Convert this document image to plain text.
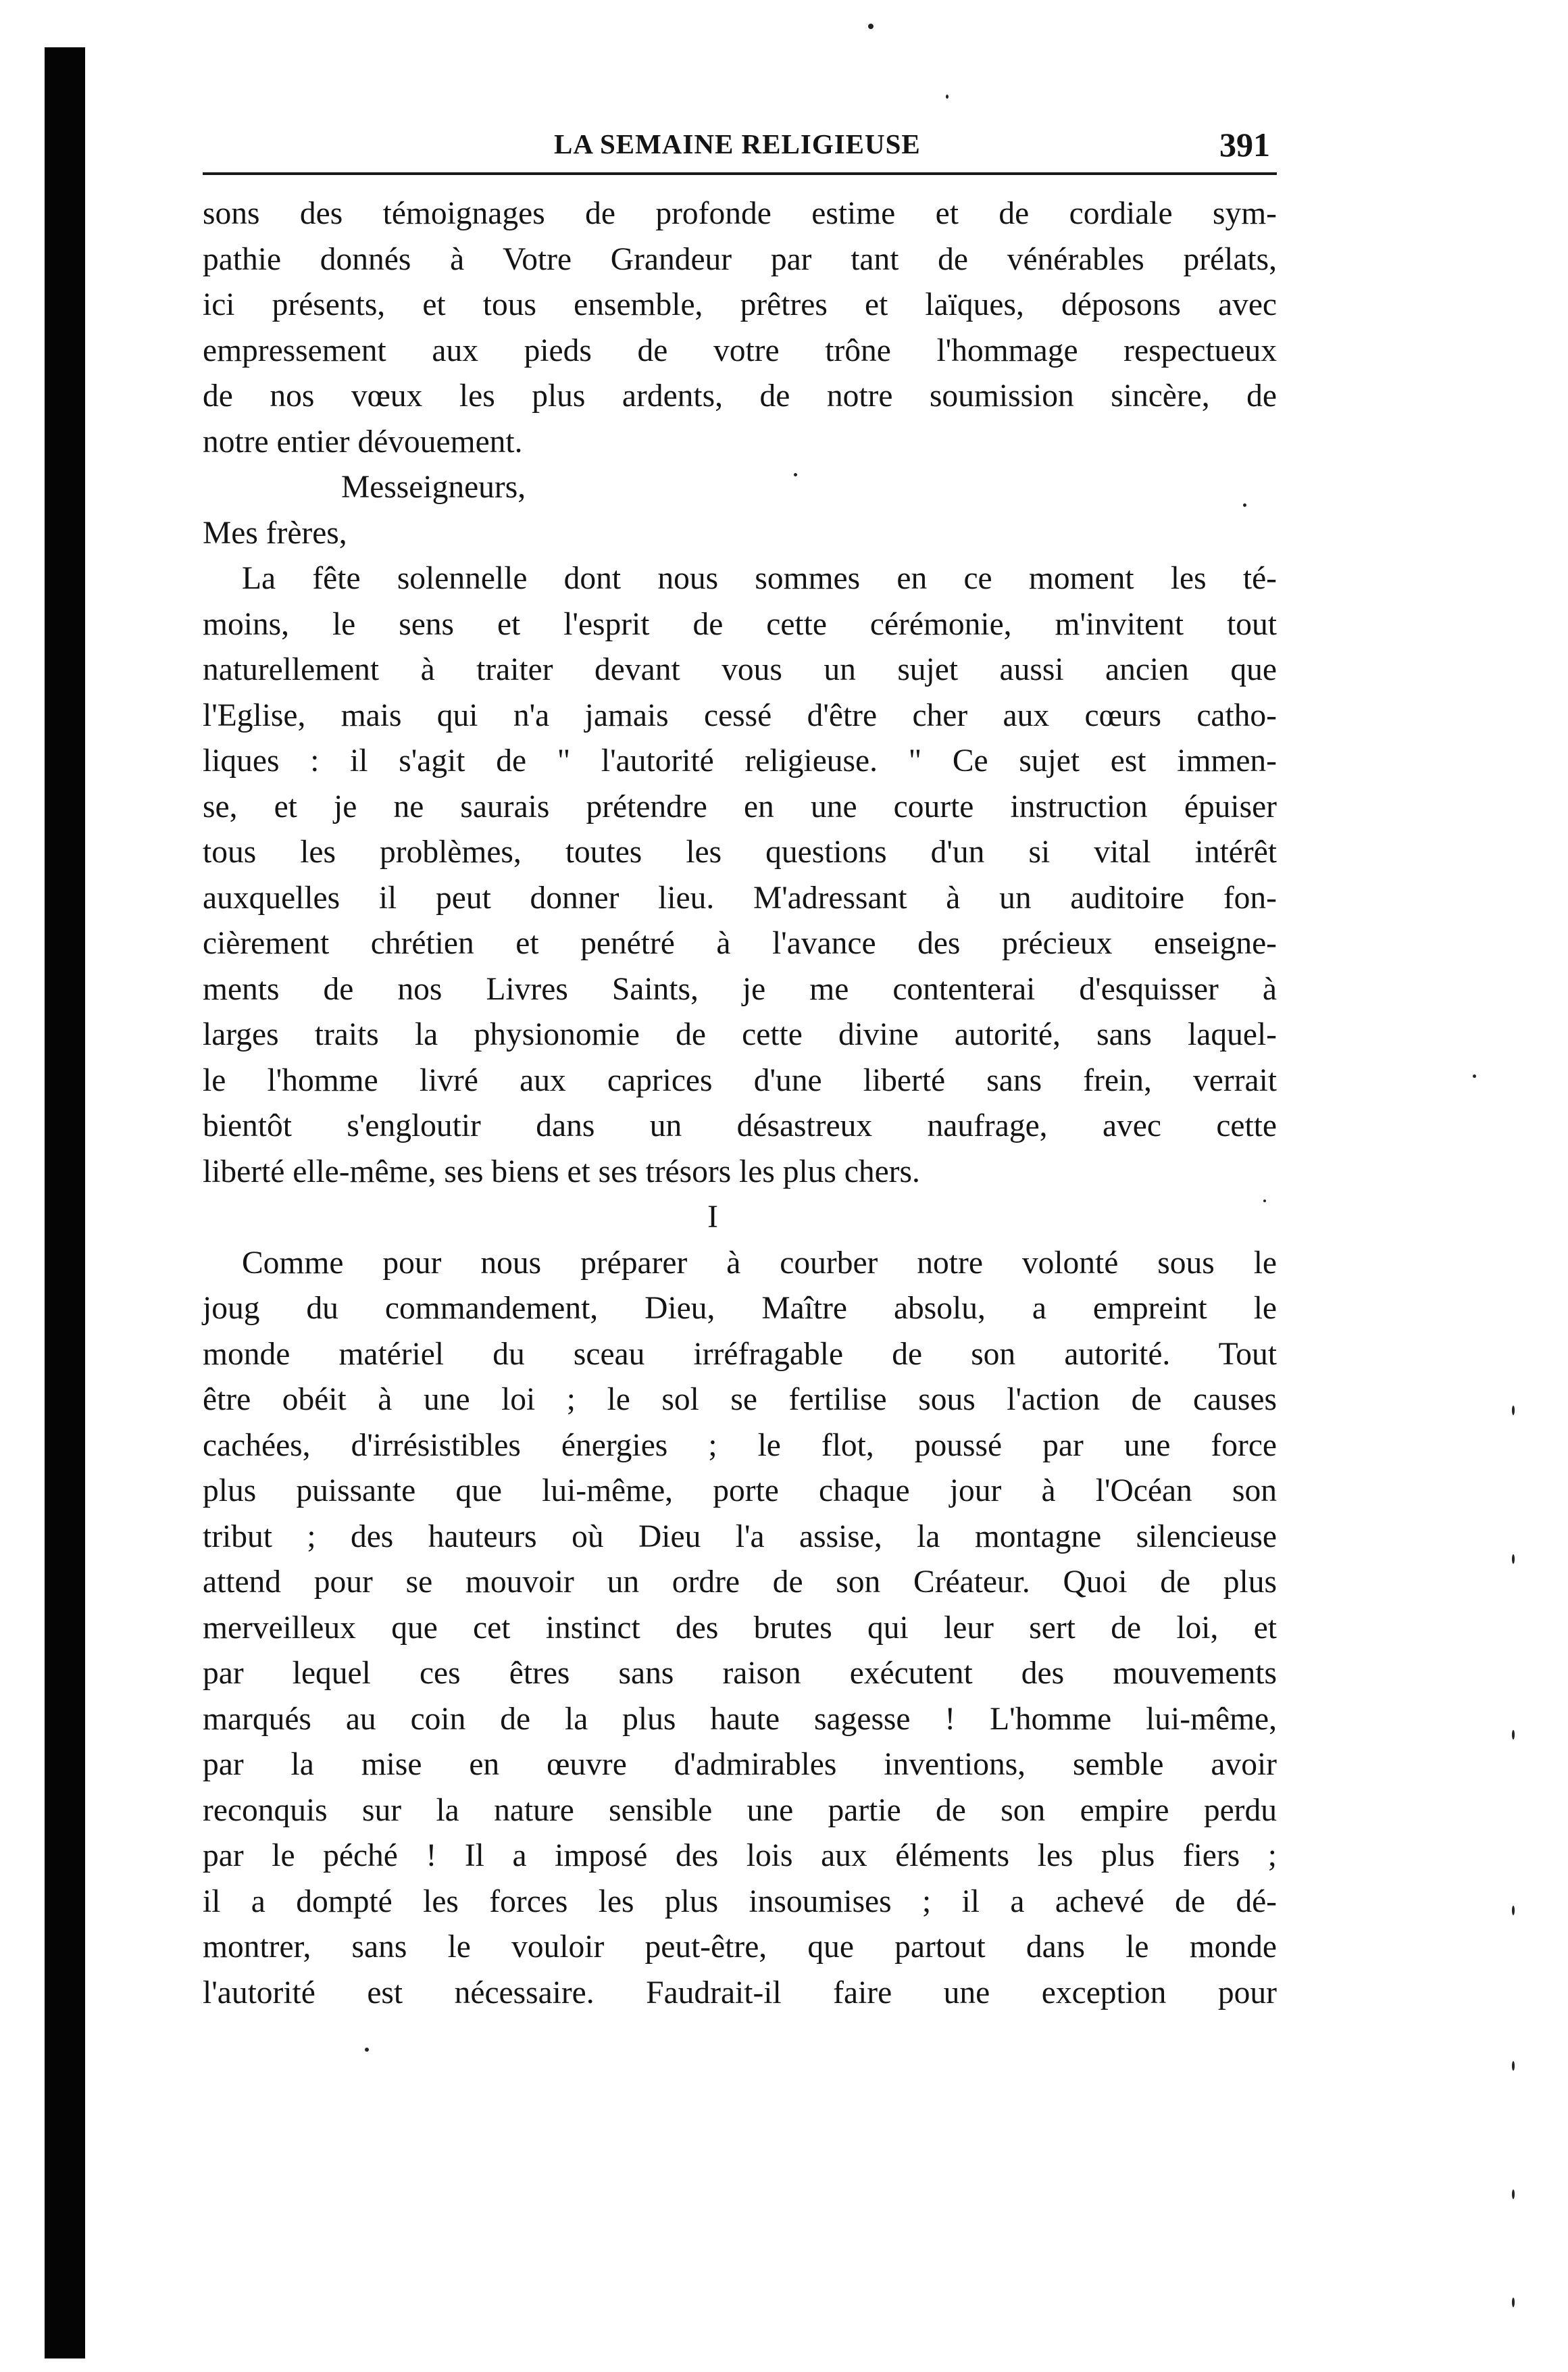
LA SEMAINE RELIGIEUSE	391
sons des témoignages de profonde estime et de cordiale sym-
pathie donnés à Votre Grandeur par tant de vénérables prélats,
ici présents, et tous ensemble, prêtres et laïques, déposons avec
empressement aux pieds de votre trône l'hommage respectueux
de nos vœux les plus ardents, de notre soumission sincère, de
notre entier dévouement.
Messeigneurs,
Mes frères,
La fête solennelle dont nous sommes en ce moment les té-
moins, le sens et l'esprit de cette cérémonie, m'invitent tout
naturellement à traiter devant vous un sujet aussi ancien que
l'Eglise, mais qui n'a jamais cessé d'être cher aux cœurs catho-
liques : il s'agit de " l'autorité religieuse. " Ce sujet est immen-
se, et je ne saurais prétendre en une courte instruction épuiser
tous les problèmes, toutes les questions d'un si vital intérêt
auxquelles il peut donner lieu. M'adressant à un auditoire fon-
cièrement chrétien et penétré à l'avance des précieux enseigne-
ments de nos Livres Saints, je me contenterai d'esquisser à
larges traits la physionomie de cette divine autorité, sans laquel-
le l'homme livré aux caprices d'une liberté sans frein, verrait
bientôt s'engloutir dans un désastreux naufrage, avec cette
liberté elle-même, ses biens et ses trésors les plus chers.
I
Comme pour nous préparer à courber notre volonté sous le
joug du commandement, Dieu, Maître absolu, a empreint le
monde matériel du sceau irréfragable de son autorité. Tout
être obéit à une loi ; le sol se fertilise sous l'action de causes
cachées, d'irrésistibles énergies ; le flot, poussé par une force
plus puissante que lui-même, porte chaque jour à l'Océan son
tribut ; des hauteurs où Dieu l'a assise, la montagne silencieuse
attend pour se mouvoir un ordre de son Créateur. Quoi de plus
merveilleux que cet instinct des brutes qui leur sert de loi, et
par lequel ces êtres sans raison exécutent des mouvements
marqués au coin de la plus haute sagesse ! L'homme lui-même,
par la mise en œuvre d'admirables inventions, semble avoir
reconquis sur la nature sensible une partie de son empire perdu
par le péché ! Il a imposé des lois aux éléments les plus fiers ;
il a dompté les forces les plus insoumises ; il a achevé de dé-
montrer, sans le vouloir peut-être, que partout dans le monde
l'autorité est nécessaire. Faudrait-il faire une exception pour
